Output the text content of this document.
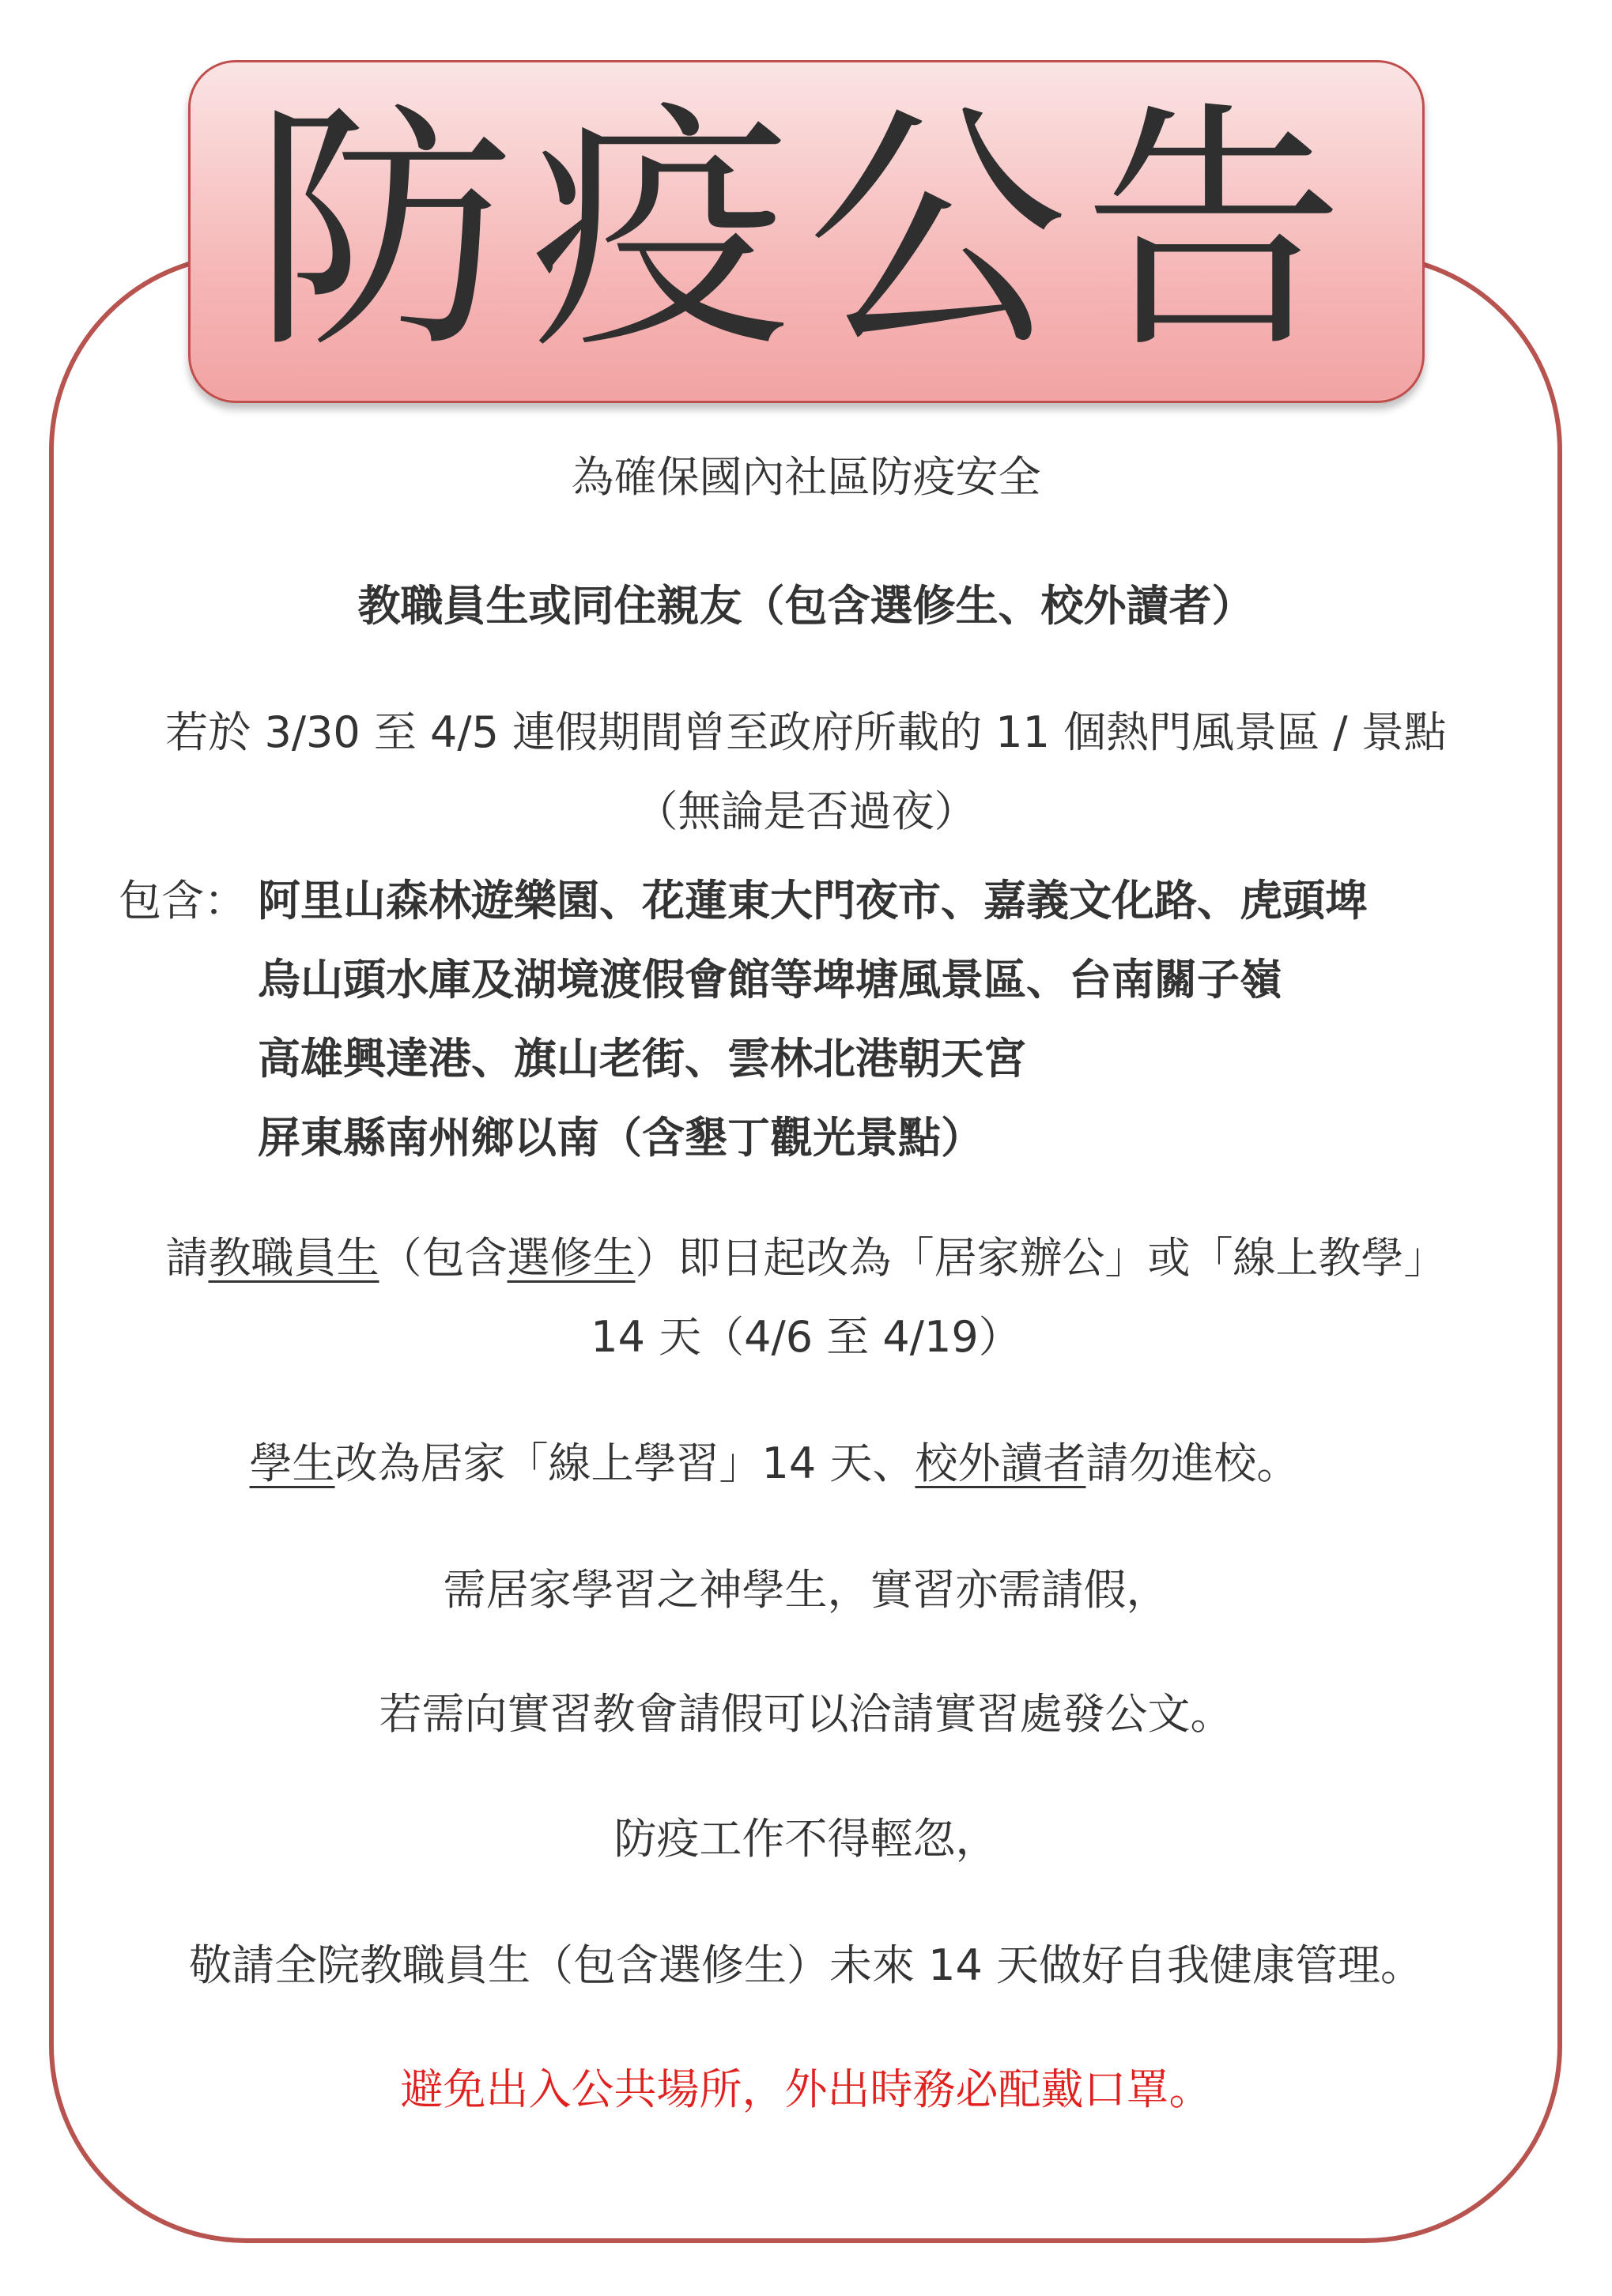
防疫公告
為確保國內社區防疫安全
教職員生或同住親友（包含選修生、校外讀者）
若於 3/30 至 4/5 連假期間曾至政府所載的 11 個熱門風景區 / 景點
（無論是否過夜）
包含： 阿里山森林遊樂園、花蓮東大門夜市、嘉義文化路、虎頭埤
烏山頭水庫及湖境渡假會館等埤塘風景區、台南關子嶺
高雄興達港、旗山老街、雲林北港朝天宮
屏東縣南州鄉以南（含墾丁觀光景點）
請教職員生（包含選修生）即日起改為「居家辦公」或「線上教學」
14 天（4/6 至 4/19）
學生改為居家「線上學習」14 天、校外讀者請勿進校。
需居家學習之神學生，實習亦需請假，
若需向實習教會請假可以洽請實習處發公文。
防疫工作不得輕忽，
敬請全院教職員生（包含選修生）未來 14 天做好自我健康管理。
避免出入公共場所，外出時務必配戴口罩。
